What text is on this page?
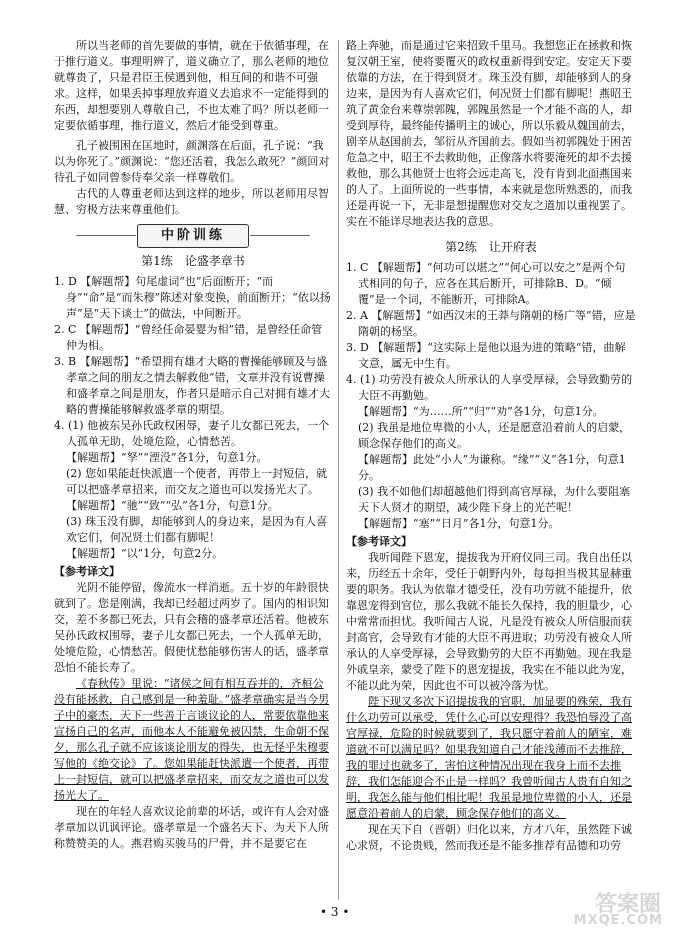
所以当老师的首先要做的事情，就在于依循事理，在于推行道义。事理明辨了，道义确立了，那么老师的地位就尊贵了，只是君臣王侯遇到他，相互间的和谐不可强求。这样，如果丢掉事理放弃道义去追求不一定能得到的东西，却想要别人尊敬自己，不也太难了吗？所以老师一定要依循事理，推行道义，然后才能受到尊重。

孔子被围困在匡地时，颜渊落在后面，孔子说：“我以为你死了。”颜渊说：“您还活着，我怎么敢死？”颜回对待孔子如同曾参侍奉父亲一样尊敬们。

古代的人尊重老师达到这样的地步，所以老师用尽智慧、穷极方法来尊重他们。

中阶训练
第1练　论盛孝章书

1. D 【解题帮】句尾虚词“也”后面断开；“而身”“命”是“而朱穆”陈述对象变换，前面断开；“依以扬声”是“天下谈士”的做法，中间断开。

2. C 【解题帮】“曾经任命晏婴为相”错，是曾经任命管仲为相。

3. B 【解题帮】“希望拥有雄才大略的曹操能够顾及与盛孝章之间的朋友之情去解救他”错，文章并没有说曹操和盛孝章之间是朋友，作者只是暗示自己对拥有雄才大略的曹操能够解救盛孝章的期望。

4. (1) 他被东吴孙氏政权困辱，妻子儿女都已死去，一个人孤单无助，处境危险，心情愁苦。

【解题帮】“孥”“湮没”各1分，句意1分。

(2) 您如果能赶快派遣一个使者，再带上一封短信，就可以把盛孝章招来，而交友之道也可以发扬光大了。

【解题帮】“驰”“致”“弘”各1分，句意1分。

(3) 珠玉没有脚，却能够到人的身边来，是因为有人喜欢它们，何况贤士们都有脚呢！

【解题帮】“以”1分，句意2分。

【参考译文】

光阴不能停留，像流水一样消逝。五十岁的年龄很快就到了。您是刚满，我却已经超过两岁了。国内的相识知交，差不多都已死去，只有会稽的盛孝章还活着。他被东吴孙氏政权围辱，妻子儿女都已死去，一个人孤单无助，处境危险，心情愁苦。假使忧愁能够伤害人的话，盛孝章恐怕不能长寿了。

《春秋传》里说：“诸侯之间有相互吞并的，齐桓公没有能拯救，自己感到是一种羞耻。”盛孝章确实是当今男子中的豪杰，天下一些善于言谈议论的人，常要依靠他来宣扬自己的名声，而他本人不能避免被囚禁，生命朝不保夕，那么孔子就不应该谈论朋友的得失，也无怪乎朱穆要写他的《绝交论》了。您如果能赶快派遣一个使者，再带上一封短信，就可以把盛孝章招来，而交友之道也可以发扬光大了。

现在的年轻人喜欢议论前辈的坏话，或许有人会对盛孝章加以讥讽评论。盛孝章是一个盛名天下、为天下人所称赞赞美的人。燕君购买骏马的尸骨，并不是要它在

路上奔驰，而是通过它来招致千里马。我想您正在拯救和恢复汉朝王室，使将要覆灭的政权重新得到安定。安定天下要依靠的方法，在于得到贤才。珠玉没有脚，却能够到人的身边来，是因为有人喜欢它们，何况贤士们都有脚呢！燕昭王筑了黄金台来尊崇郭隗，郭隗虽然是一个才能不高的人，却受到厚待，最终能传播明主的诚心，所以乐毅从魏国前去，剧辛从赵国前去，邹衍从齐国前去。假如当初郭隗处于困苦危急之中，昭王不去救助他，正像落水将要淹死的却不去援救他，那么其他贤士也将会远走高飞，没有肯到北面燕国来的人了。上面所说的一些事情，本来就是您所熟悉的，而我还是再说一下，无非是想提醒您对交友之道加以重视罢了。实在不能详尽地表达我的意思。

第2练　让开府表

1. C 【解题帮】“何功可以堪之”“何心可以安之”是两个句式相同的句子，应各在其后断开，可排除B、D。“倾覆”是一个词，不能断开，可排除A。

2. A 【解题帮】“如西汉末的王莽与隋朝的杨广等”错，应是隋朝的杨坚。

3. D 【解题帮】“这实际上是他以退为进的策略”错，曲解文意，属无中生有。

4. (1) 功劳没有被众人所承认的人享受厚禄，会导致勤劳的大臣不再勤勉。

【解题帮】“为……所”“归”“劝”各1分，句意1分。

(2) 我虽是地位卑微的小人，还是愿意沿着前人的启蒙，顾念保存他们的高义。

【解题帮】此处“小人”为谦称。“缘”“义”各1分，句意1分。

(3) 我不如他们却超越他们得到高官厚禄，为什么要阻塞天下人贤才的期望，减少陛下身上的光芒呢！

【解题帮】“塞”“日月”各1分，句意1分。

【参考译文】

我听闻陛下恩宠，提拔我为开府仪同三司。我自出任以来，历经五十余年，受任于朝野内外，每每担当极其显赫重要的职务。我认为依靠才德受任，没有功劳就不能提升，依靠恩宠得到官位，那么我就不能长久保持，我的胆量少，心中常常而担忧。我听闻古人说，凡是没有被众人所信服而获封高官，会导致有才能的大臣不再进取；功劳没有被众人所承认的人享受厚禄，会导致勤劳的大臣不再勤勉。现在我是外戚皇亲，蒙受了陛下的恩宠提拔，我实在不能以此为宠，不能以此为荣，因此也不可以被冷落为忧。

陛下现又多次下诏提拔我的官职，加显要的殊荣，我有什么功劳可以承受，凭什么心可以安理得？我恐怕辱没了高官厚禄，危险的时候就要到了，我只愿守着前人的陋室，难道就不可以满足吗？如果我知道自己才能浅薄而不去推辞，我的罪过也就多了，害怕这种情况出现在我身上而不去推辞，我们怎能迎合不止是一样吗？我曾听闻古人贵有自知之明，我怎么能与他们相比呢！我虽是地位卑微的小人，还是愿意沿着前人的启蒙，顾念保存他们的高义。

现在天下自（晋朝）归化以来，方才八年，虽然陛下诚心求贤，不论贵贱，然而我还是不能多推荐有品德和功劳

• 3 •	答案圈
MXQE.COM
